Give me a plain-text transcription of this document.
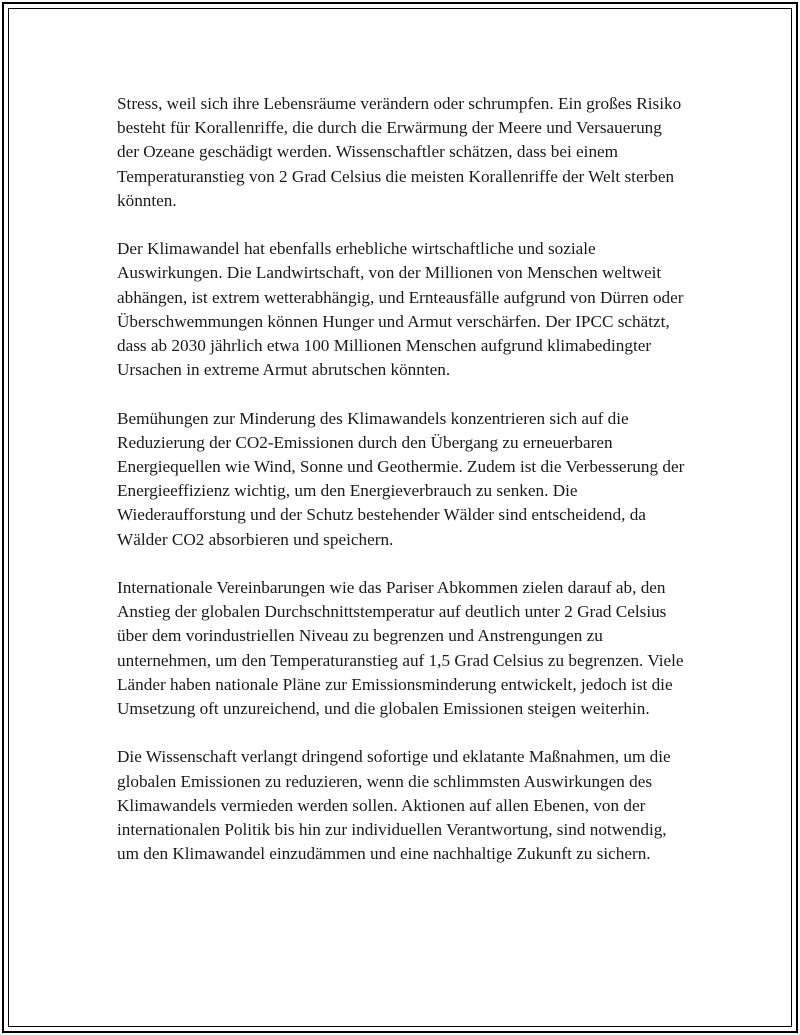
Stress, weil sich ihre Lebensräume verändern oder schrumpfen. Ein großes Risiko besteht für Korallenriffe, die durch die Erwärmung der Meere und Versauerung der Ozeane geschädigt werden. Wissenschaftler schätzen, dass bei einem Temperaturanstieg von 2 Grad Celsius die meisten Korallenriffe der Welt sterben könnten.

Der Klimawandel hat ebenfalls erhebliche wirtschaftliche und soziale Auswirkungen. Die Landwirtschaft, von der Millionen von Menschen weltweit abhängen, ist extrem wetterabhängig, und Ernteausfälle aufgrund von Dürren oder Überschwemmungen können Hunger und Armut verschärfen. Der IPCC schätzt, dass ab 2030 jährlich etwa 100 Millionen Menschen aufgrund klimabedingter Ursachen in extreme Armut abrutschen könnten.

Bemühungen zur Minderung des Klimawandels konzentrieren sich auf die Reduzierung der CO2-Emissionen durch den Übergang zu erneuerbaren Energiequellen wie Wind, Sonne und Geothermie. Zudem ist die Verbesserung der Energieeffizienz wichtig, um den Energieverbrauch zu senken. Die Wiederaufforstung und der Schutz bestehender Wälder sind entscheidend, da Wälder CO2 absorbieren und speichern.

Internationale Vereinbarungen wie das Pariser Abkommen zielen darauf ab, den Anstieg der globalen Durchschnittstemperatur auf deutlich unter 2 Grad Celsius über dem vorindustriellen Niveau zu begrenzen und Anstrengungen zu unternehmen, um den Temperaturanstieg auf 1,5 Grad Celsius zu begrenzen. Viele Länder haben nationale Pläne zur Emissionsminderung entwickelt, jedoch ist die Umsetzung oft unzureichend, und die globalen Emissionen steigen weiterhin.

Die Wissenschaft verlangt dringend sofortige und eklatante Maßnahmen, um die globalen Emissionen zu reduzieren, wenn die schlimmsten Auswirkungen des Klimawandels vermieden werden sollen. Aktionen auf allen Ebenen, von der internationalen Politik bis hin zur individuellen Verantwortung, sind notwendig, um den Klimawandel einzudämmen und eine nachhaltige Zukunft zu sichern.
